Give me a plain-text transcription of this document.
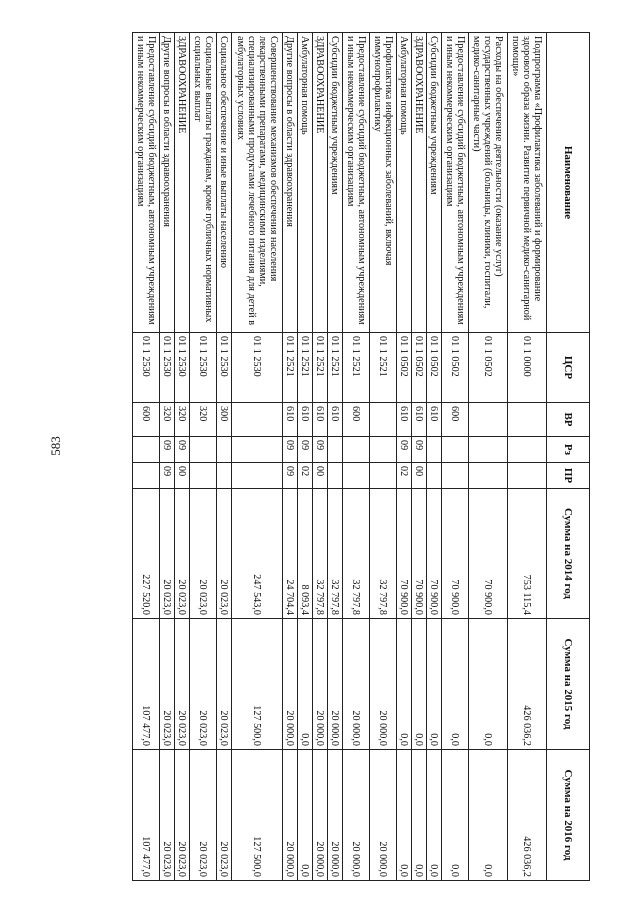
583
Наименование	ЦСР	ВР	Рз	ПР	Сумма на 2014 год	Сумма на 2015 год	Сумма на 2016 год
Подпрограмма «Профилактика заболеваний и формирование здорового образа жизни. Развитие первичной медико-санитарной помощи»	01 1 0000				753 115,4	426 036,2	426 036,2
Расходы на обеспечение деятельности (оказание услуг) государственных учреждений (больницы, клиники, госпитали, медико-санитарные части)	01 1 0502				70 900,0	0,0	0,0
Предоставление субсидий бюджетным, автономным учреждениям и иным некоммерческим организациям	01 1 0502	600			70 900,0	0,0	0,0
Субсидии бюджетным учреждениям	01 1 0502	610			70 900,0	0,0	0,0
ЗДРАВООХРАНЕНИЕ	01 1 0502	610	09	00	70 900,0	0,0	0,0
Амбулаторная помощь	01 1 0502	610	09	02	70 900,0	0,0	0,0
Профилактика инфекционных заболеваний, включая иммунопрофилактику	01 1 2521				32 797,8	20 000,0	20 000,0
Предоставление субсидий бюджетным, автономным учреждениям и иным некоммерческим организациям	01 1 2521	600			32 797,8	20 000,0	20 000,0
Субсидии бюджетным учреждениям	01 1 2521	610			32 797,8	20 000,0	20 000,0
ЗДРАВООХРАНЕНИЕ	01 1 2521	610	09	00	32 797,8	20 000,0	20 000,0
Амбулаторная помощь	01 1 2521	610	09	02	8 093,4	0,0	0,0
Другие вопросы в области здравоохранения	01 1 2521	610	09	09	24 704,4	20 000,0	20 000,0
Совершенствование механизмов обеспечения населения лекарственными препаратами, медицинскими изделиями, специализированными продуктами лечебного питания для детей в амбулаторных условиях	01 1 2530				247 543,0	127 500,0	127 500,0
Социальное обеспечение и иные выплаты населению	01 1 2530	300			20 023,0	20 023,0	20 023,0
Социальные выплаты гражданам, кроме публичных нормативных социальных выплат	01 1 2530	320			20 023,0	20 023,0	20 023,0
ЗДРАВООХРАНЕНИЕ	01 1 2530	320	09	00	20 023,0	20 023,0	20 023,0
Другие вопросы в области здравоохранения	01 1 2530	320	09	09	20 023,0	20 023,0	20 023,0
Предоставление субсидий бюджетным, автономным учреждениям и иным некоммерческим организациям	01 1 2530	600			227 520,0	107 477,0	107 477,0
